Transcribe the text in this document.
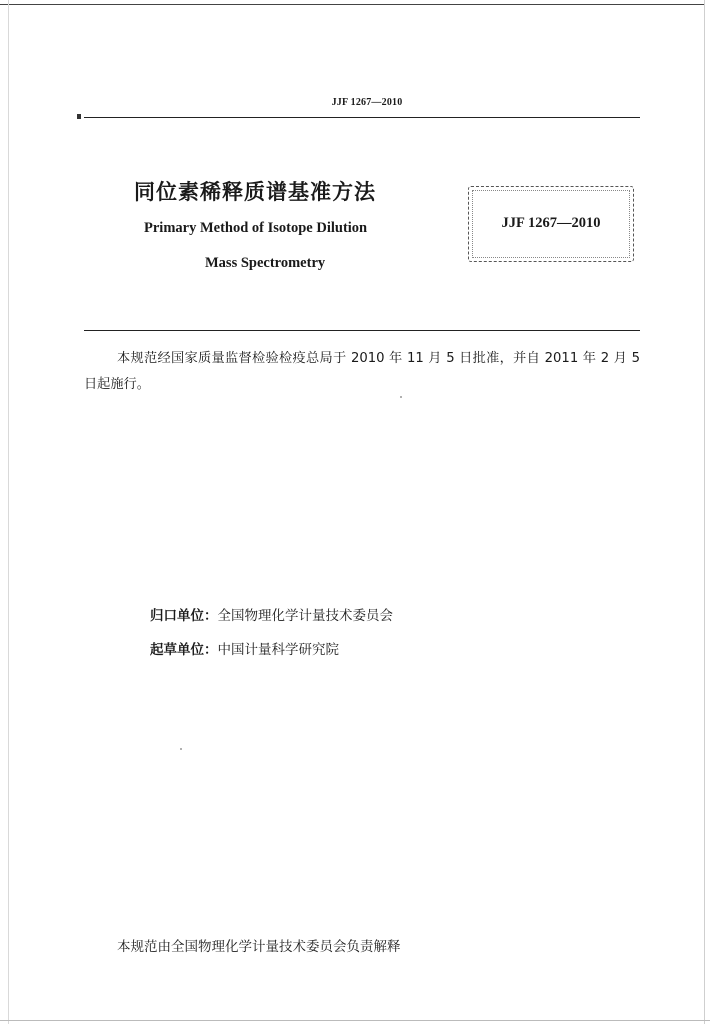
JJF 1267—2010
同位素稀释质谱基准方法
Primary Method of Isotope Dilution
Mass Spectrometry
JJF 1267—2010
本规范经国家质量监督检验检疫总局于 2010 年 11 月 5 日批准，并自 2011 年 2 月 5 日起施行。
归口单位：全国物理化学计量技术委员会
起草单位：中国计量科学研究院
本规范由全国物理化学计量技术委员会负责解释
